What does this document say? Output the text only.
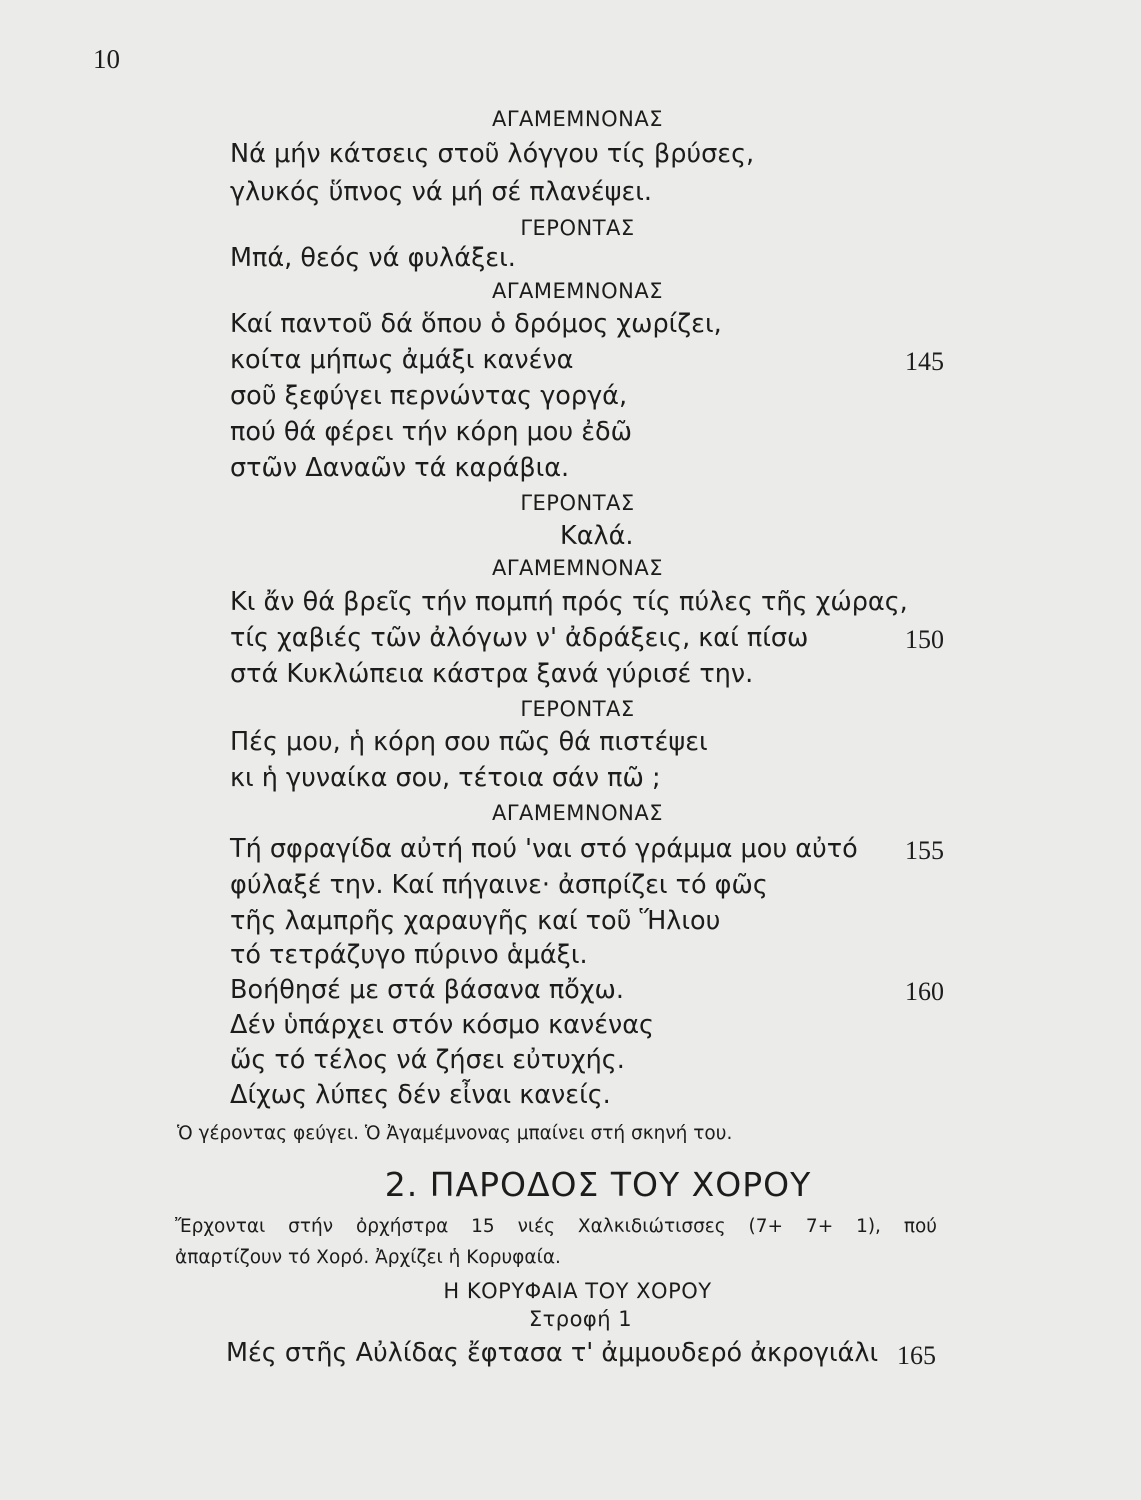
10
ΑΓΑΜΕΜΝΟΝΑΣ
Νά μήν κάτσεις στοῦ λόγγου τίς βρύσες,
γλυκός ὕπνος νά μή σέ πλανέψει.
ΓΕΡΟΝΤΑΣ
Μπά, θεός νά φυλάξει.
ΑΓΑΜΕΜΝΟΝΑΣ
Καί παντοῦ δά ὅπου ὁ δρόμος χωρίζει,
κοίτα μήπως ἀμάξι κανένα	145
σοῦ ξεφύγει περνώντας γοργά,
πού θά φέρει τήν κόρη μου ἐδῶ
στῶν Δαναῶν τά καράβια.
ΓΕΡΟΝΤΑΣ
Καλά.
ΑΓΑΜΕΜΝΟΝΑΣ
Κι ἄν θά βρεῖς τήν πομπή πρός τίς πύλες τῆς χώρας,
τίς χαβιές τῶν ἀλόγων ν' ἀδράξεις, καί πίσω	150
στά Κυκλώπεια κάστρα ξανά γύρισέ την.
ΓΕΡΟΝΤΑΣ
Πές μου, ἡ κόρη σου πῶς θά πιστέψει
κι ἡ γυναίκα σου, τέτοια σάν πῶ ;
ΑΓΑΜΕΜΝΟΝΑΣ
Τή σφραγίδα αὐτή πού 'ναι στό γράμμα μου αὐτό	155
φύλαξέ την. Καί πήγαινε· ἀσπρίζει τό φῶς
τῆς λαμπρῆς χαραυγῆς καί τοῦ Ἥλιου
τό τετράζυγο πύρινο ἁμάξι.
Βοήθησέ με στά βάσανα πὄχω.	160
Δέν ὑπάρχει στόν κόσμο κανένας
ὥς τό τέλος νά ζήσει εὐτυχής.
Δίχως λύπες δέν εἶναι κανείς.
Ὁ γέροντας φεύγει. Ὁ Ἀγαμέμνονας μπαίνει στή σκηνή του.
2. ΠΑΡΟΔΟΣ ΤΟΥ ΧΟΡΟΥ
Ἔρχονται στήν ὀρχήστρα 15 νιές Χαλκιδιώτισσες (7+ 7+ 1), πού
ἀπαρτίζουν τό Χορό. Ἀρχίζει ἡ Κορυφαία.
Η ΚΟΡΥΦΑΙΑ ΤΟΥ ΧΟΡΟΥ
Στροφή 1
Μές στῆς Αὐλίδας ἔφτασα τ' ἀμμουδερό ἀκρογιάλι 165
